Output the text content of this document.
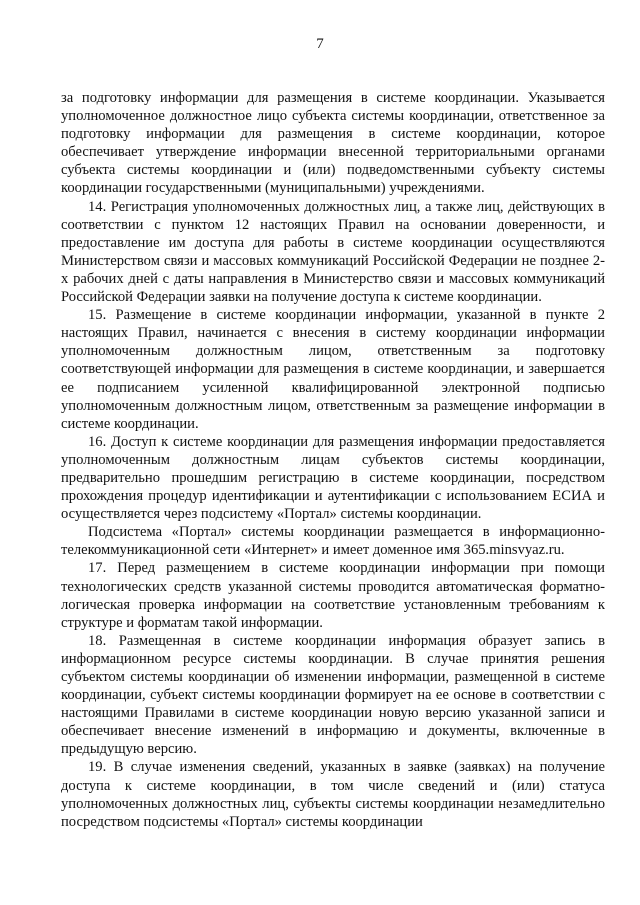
7

за подготовку информации для размещения в системе координации. Указывается уполномоченное должностное лицо субъекта системы координации, ответственное за подготовку информации для размещения в системе координации, которое обеспечивает утверждение информации внесенной территориальными органами субъекта системы координации и (или) подведомственными субъекту системы координации государственными (муниципальными) учреждениями.

14. Регистрация уполномоченных должностных лиц, а также лиц, действующих в соответствии с пунктом 12 настоящих Правил на основании доверенности, и предоставление им доступа для работы в системе координации осуществляются Министерством связи и массовых коммуникаций Российской Федерации не позднее 2-х рабочих дней с даты направления в Министерство связи и массовых коммуникаций Российской Федерации заявки на получение доступа к системе координации.

15. Размещение в системе координации информации, указанной в пункте 2 настоящих Правил, начинается с внесения в систему координации информации уполномоченным должностным лицом, ответственным за подготовку соответствующей информации для размещения в системе координации, и завершается ее подписанием усиленной квалифицированной электронной подписью уполномоченным должностным лицом, ответственным за размещение информации в системе координации.

16. Доступ к системе координации для размещения информации предоставляется уполномоченным должностным лицам субъектов системы координации, предварительно прошедшим регистрацию в системе координации, посредством прохождения процедур идентификации и аутентификации с использованием ЕСИА и осуществляется через подсистему «Портал» системы координации.

Подсистема «Портал» системы координации размещается в информационно-телекоммуникационной сети «Интернет» и имеет доменное имя 365.minsvyaz.ru.

17. Перед размещением в системе координации информации при помощи технологических средств указанной системы проводится автоматическая форматно-логическая проверка информации на соответствие установленным требованиям к структуре и форматам такой информации.

18. Размещенная в системе координации информация образует запись в информационном ресурсе системы координации. В случае принятия решения субъектом системы координации об изменении информации, размещенной в системе координации, субъект системы координации формирует на ее основе в соответствии с настоящими Правилами в системе координации новую версию указанной записи и обеспечивает внесение изменений в информацию и документы, включенные в предыдущую версию.

19. В случае изменения сведений, указанных в заявке (заявках) на получение доступа к системе координации, в том числе сведений и (или) статуса уполномоченных должностных лиц, субъекты системы координации незамедлительно посредством подсистемы «Портал» системы координации
